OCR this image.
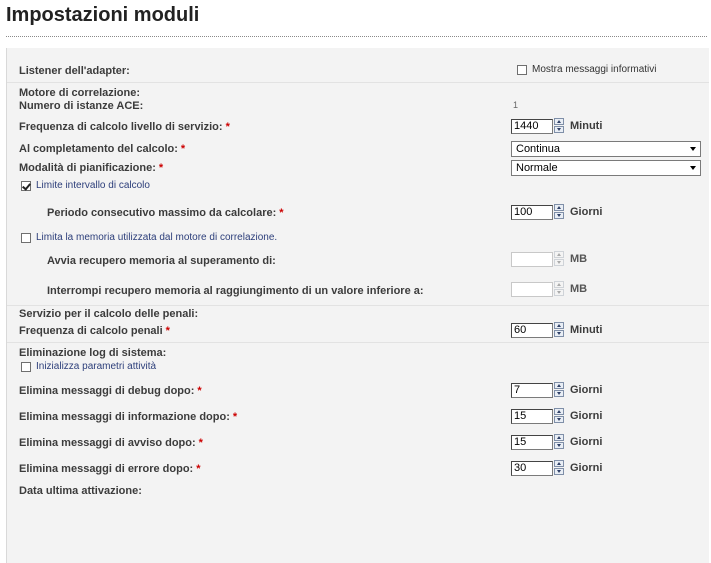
Impostazioni moduli
Listener dell'adapter:	Mostra messaggi informativi
Motore di correlazione:
Numero di istanze ACE:	1
Frequenza di calcolo livello di servizio: *
1440	Minuti
Al completamento del calcolo: *	Continua
Modalità di pianificazione: *	Normale
Limite intervallo di calcolo
Periodo consecutivo massimo da calcolare: *
100	Giorni
Limita la memoria utilizzata dal motore di correlazione.
Avvia recupero memoria al superamento di:	MB
Interrompi recupero memoria al raggiungimento di un valore inferiore a:	MB
Servizio per il calcolo delle penali:
Frequenza di calcolo penali *
60	Minuti
Eliminazione log di sistema:
Inizializza parametri attività
Elimina messaggi di debug dopo: *
7	Giorni
Elimina messaggi di informazione dopo: *
15	Giorni
Elimina messaggi di avviso dopo: *
15	Giorni
Elimina messaggi di errore dopo: *
30	Giorni
Data ultima attivazione:
